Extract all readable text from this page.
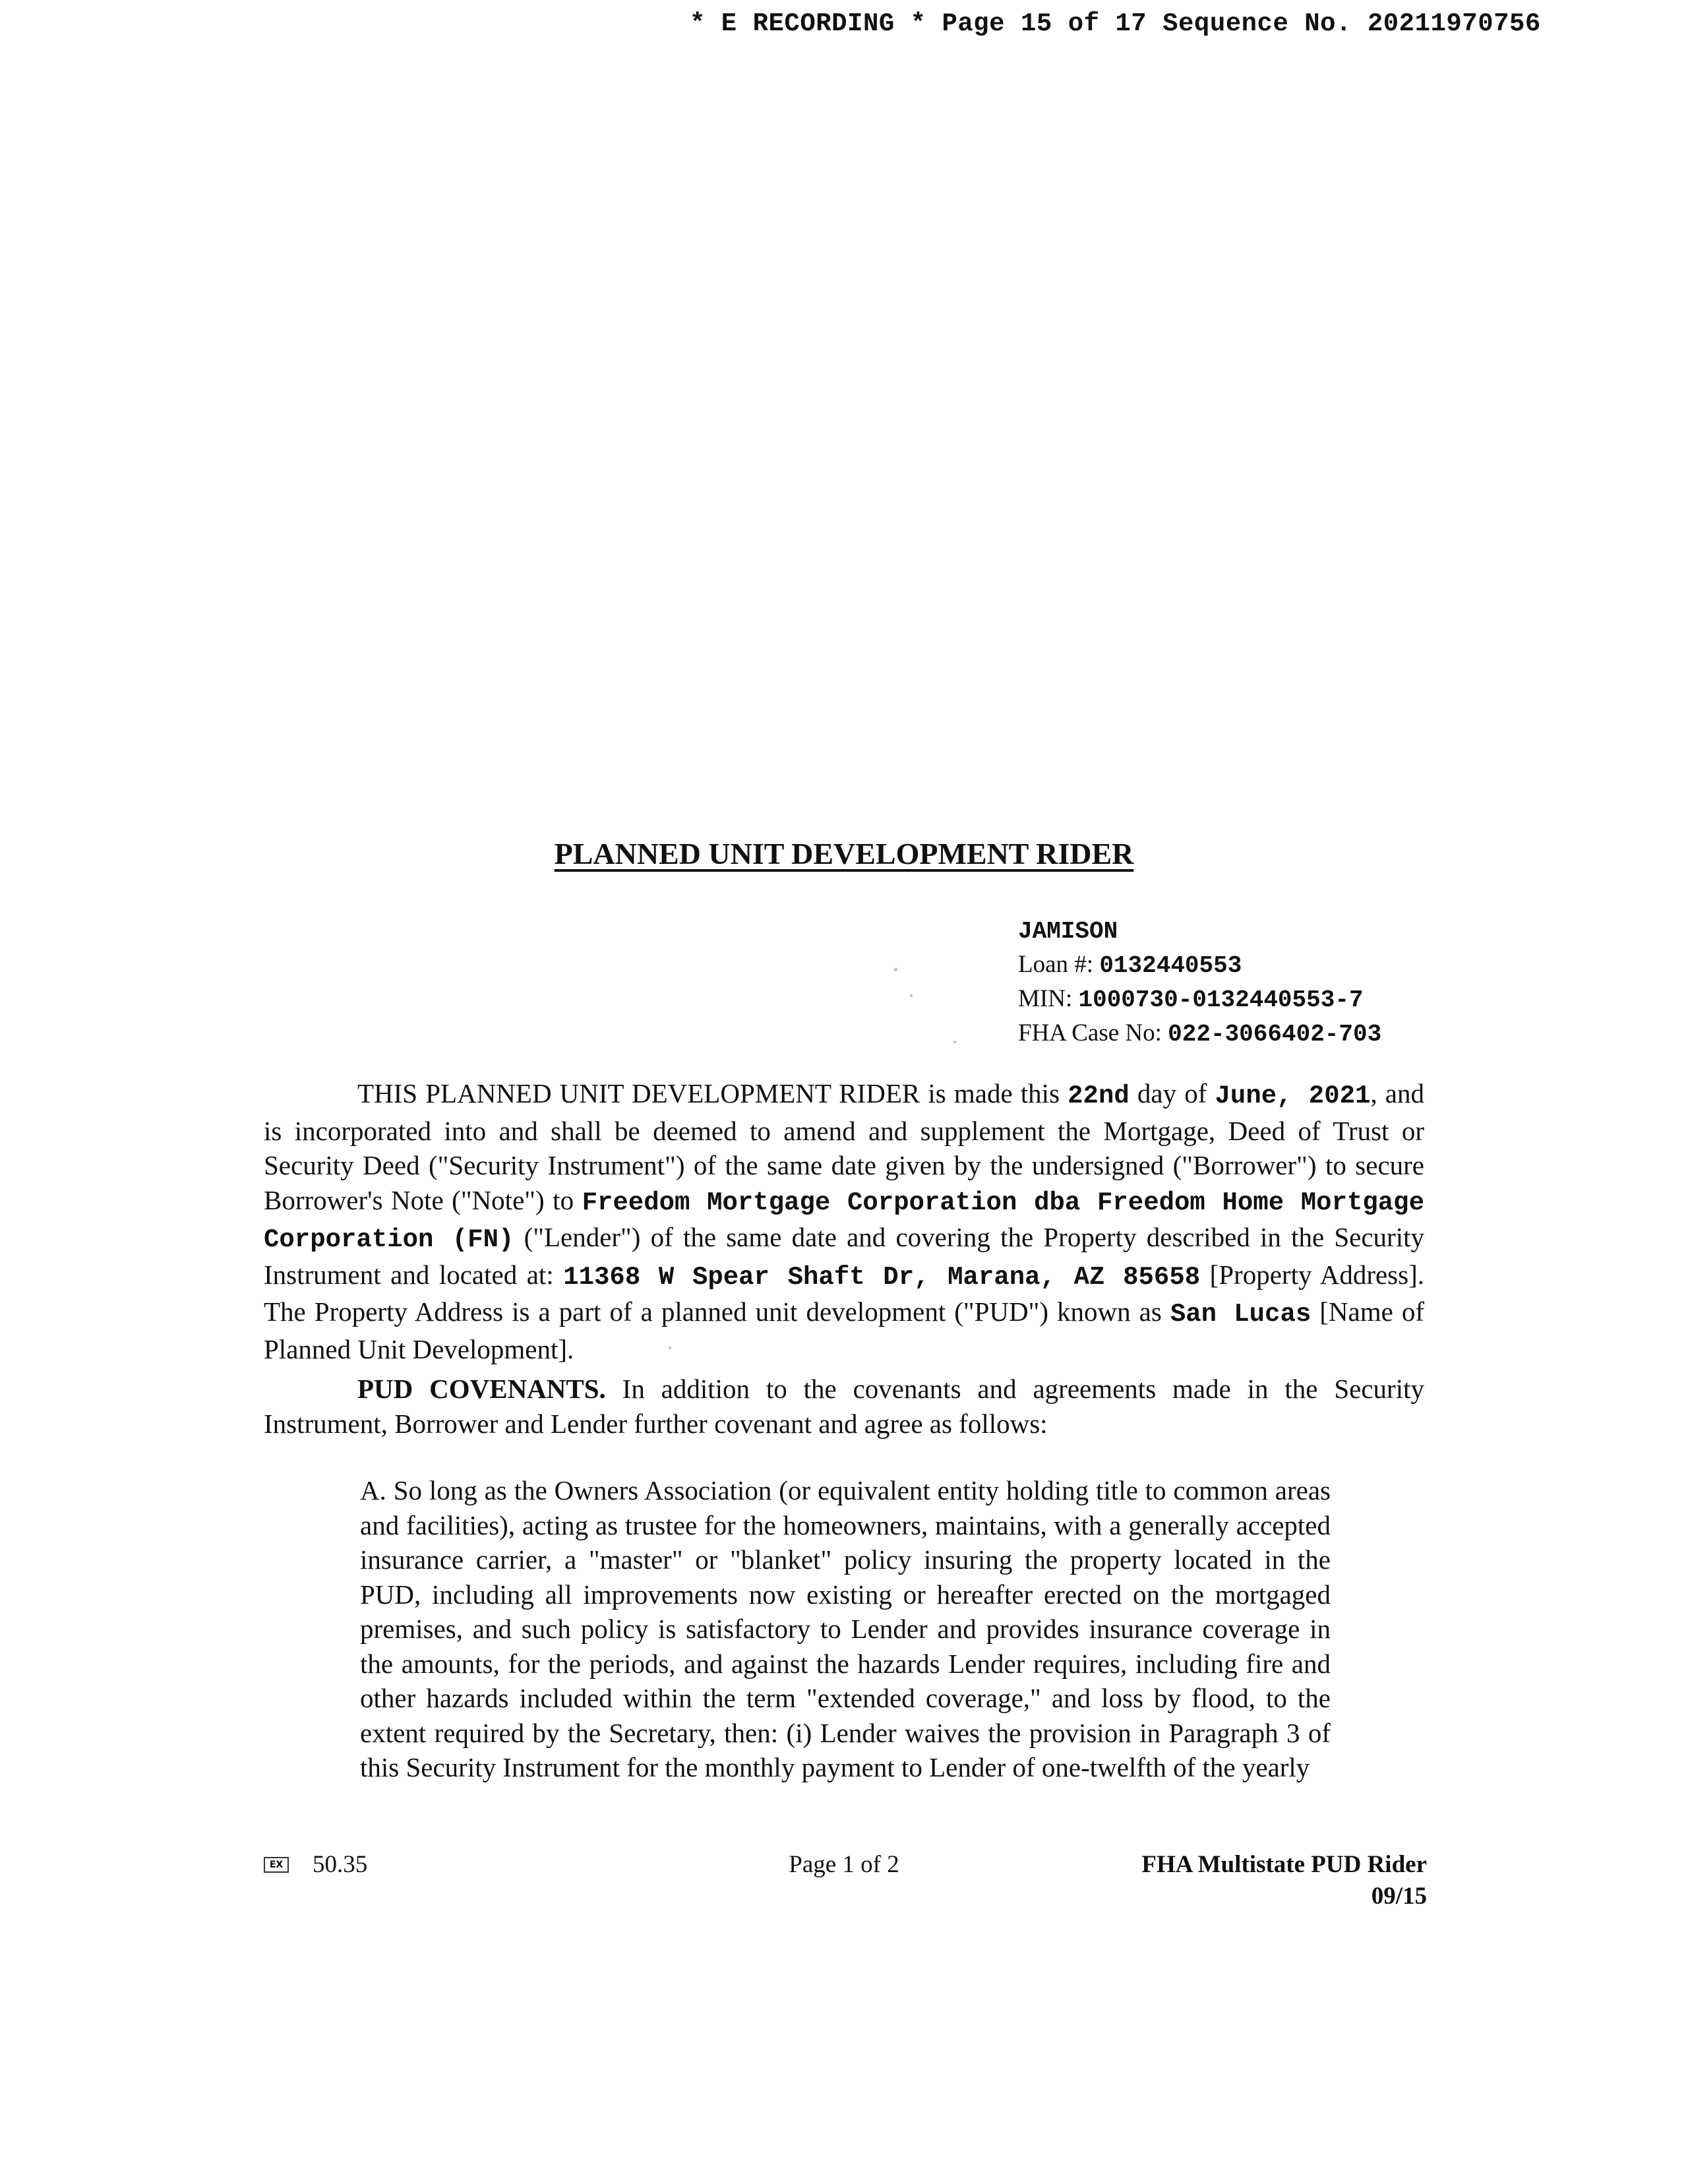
* E RECORDING * Page 15 of 17 Sequence No. 20211970756
PLANNED UNIT DEVELOPMENT RIDER
JAMISON
Loan #: 0132440553
MIN: 1000730-0132440553-7
FHA Case No: 022-3066402-703
THIS PLANNED UNIT DEVELOPMENT RIDER is made this 22nd day of June, 2021, and is incorporated into and shall be deemed to amend and supplement the Mortgage, Deed of Trust or Security Deed ("Security Instrument") of the same date given by the undersigned ("Borrower") to secure Borrower's Note ("Note") to Freedom Mortgage Corporation dba Freedom Home Mortgage Corporation (FN) ("Lender") of the same date and covering the Property described in the Security Instrument and located at: 11368 W Spear Shaft Dr, Marana, AZ 85658 [Property Address]. The Property Address is a part of a planned unit development ("PUD") known as San Lucas [Name of Planned Unit Development].
PUD COVENANTS. In addition to the covenants and agreements made in the Security Instrument, Borrower and Lender further covenant and agree as follows:
A. So long as the Owners Association (or equivalent entity holding title to common areas and facilities), acting as trustee for the homeowners, maintains, with a generally accepted insurance carrier, a "master" or "blanket" policy insuring the property located in the PUD, including all improvements now existing or hereafter erected on the mortgaged premises, and such policy is satisfactory to Lender and provides insurance coverage in the amounts, for the periods, and against the hazards Lender requires, including fire and other hazards included within the term "extended coverage," and loss by flood, to the extent required by the Secretary, then: (i) Lender waives the provision in Paragraph 3 of this Security Instrument for the monthly payment to Lender of one-twelfth of the yearly
EX 50.35	Page 1 of 2	FHA Multistate PUD Rider
09/15
